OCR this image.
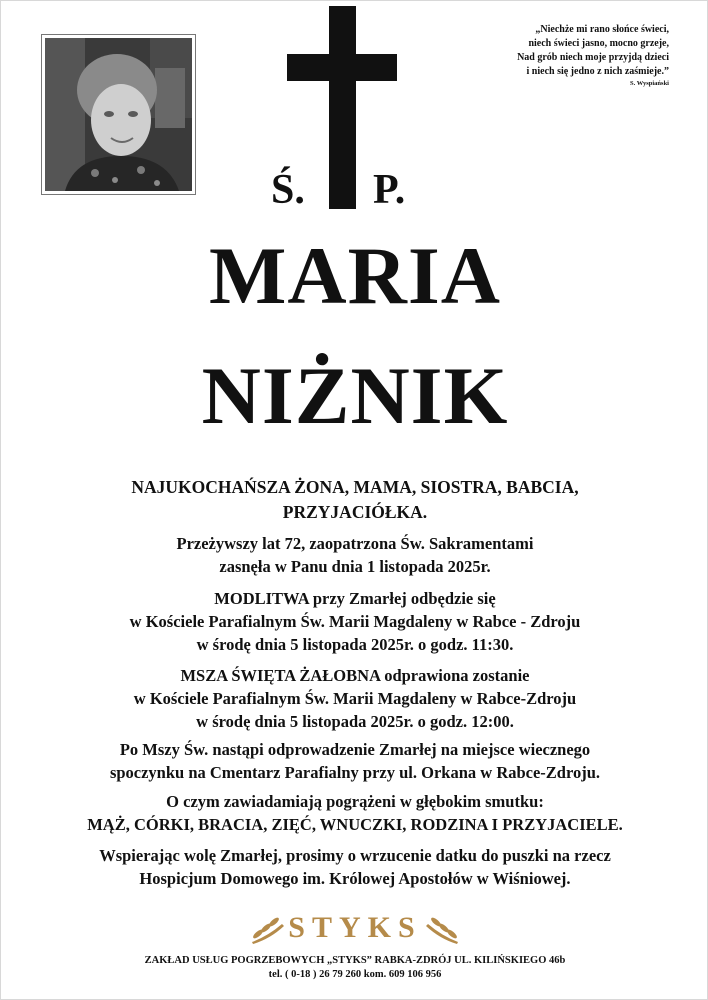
Ś. P.
„Niechże mi rano słońce świeci,
niech świeci jasno, mocno grzeje,
Nad grób niech moje przyjdą dzieci
i niech się jedno z nich zaśmieje.”
S. Wyspiański
MARIA
NIŻNIK

NAJUKOCHAŃSZA ŻONA, MAMA, SIOSTRA, BABCIA,

PRZYJACIÓŁKA.

Przeżywszy lat 72, zaopatrzona Św. Sakramentami

zasnęła w Panu dnia 1 listopada 2025r.

MODLITWA przy Zmarłej odbędzie się

w Kościele Parafialnym Św. Marii Magdaleny w Rabce - Zdroju

w środę dnia 5 listopada 2025r. o godz. 11:30.

MSZA ŚWIĘTA ŻAŁOBNA odprawiona zostanie

w Kościele Parafialnym Św. Marii Magdaleny w Rabce-Zdroju

w środę dnia 5 listopada 2025r. o godz. 12:00.

Po Mszy Św. nastąpi odprowadzenie Zmarłej na miejsce wiecznego

spoczynku na Cmentarz Parafialny przy ul. Orkana w Rabce-Zdroju.

O czym zawiadamiają pogrążeni w głębokim smutku:

MĄŻ, CÓRKI, BRACIA, ZIĘĆ, WNUCZKI, RODZINA I PRZYJACIELE.

Wspierając wolę Zmarłej, prosimy o wrzucenie datku do puszki na rzecz

Hospicjum Domowego im. Królowej Apostołów w Wiśniowej.

STYKS
ZAKŁAD USŁUG POGRZEBOWYCH „STYKS” RABKA-ZDRÓJ UL. KILIŃSKIEGO 46b
tel. ( 0-18 ) 26 79 260 kom. 609 106 956
